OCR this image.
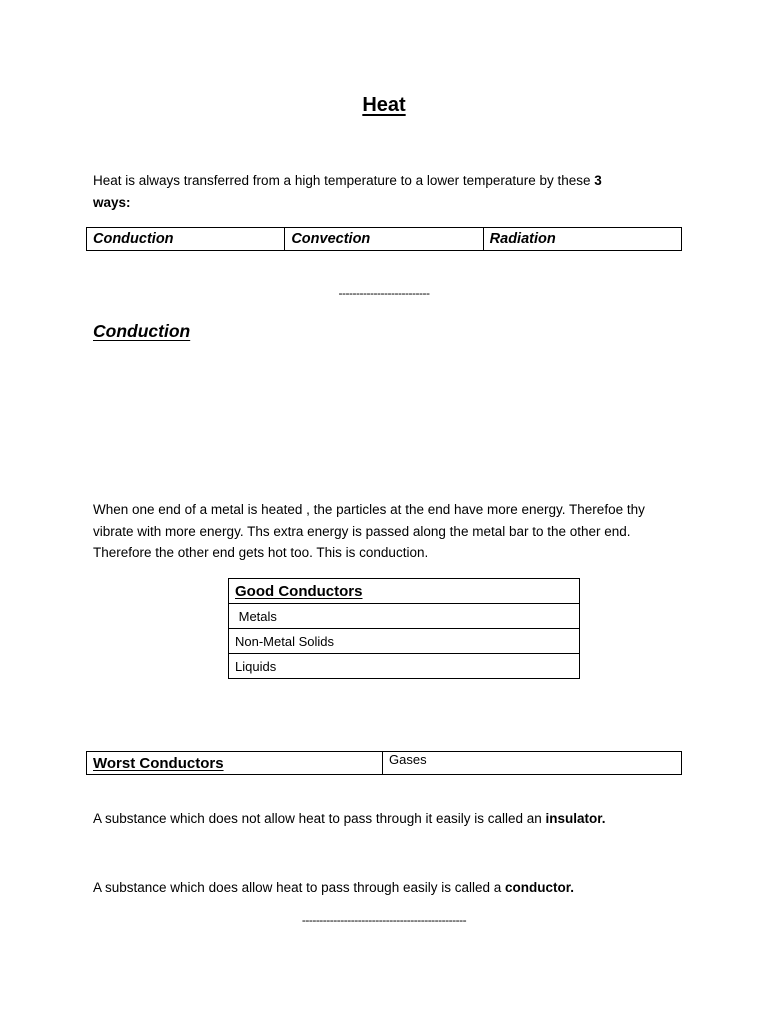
Heat
Heat is always transferred from a high temperature to a lower temperature by these 3
ways:
Conduction	Convection	Radiation
--------------------------
Conduction
When one end of a metal is heated , the particles at the end have more energy. Therefoe thy vibrate with more energy. Ths extra energy is passed along the metal bar to the other end. Therefore the other end gets hot too. This is conduction.
Good Conductors
Metals
Non-Metal Solids
Liquids
Worst Conductors	Gases
A substance which does not allow heat to pass through it easily is called an insulator.
A substance which does allow heat to pass through easily is called a conductor.
-----------------------------------------------
